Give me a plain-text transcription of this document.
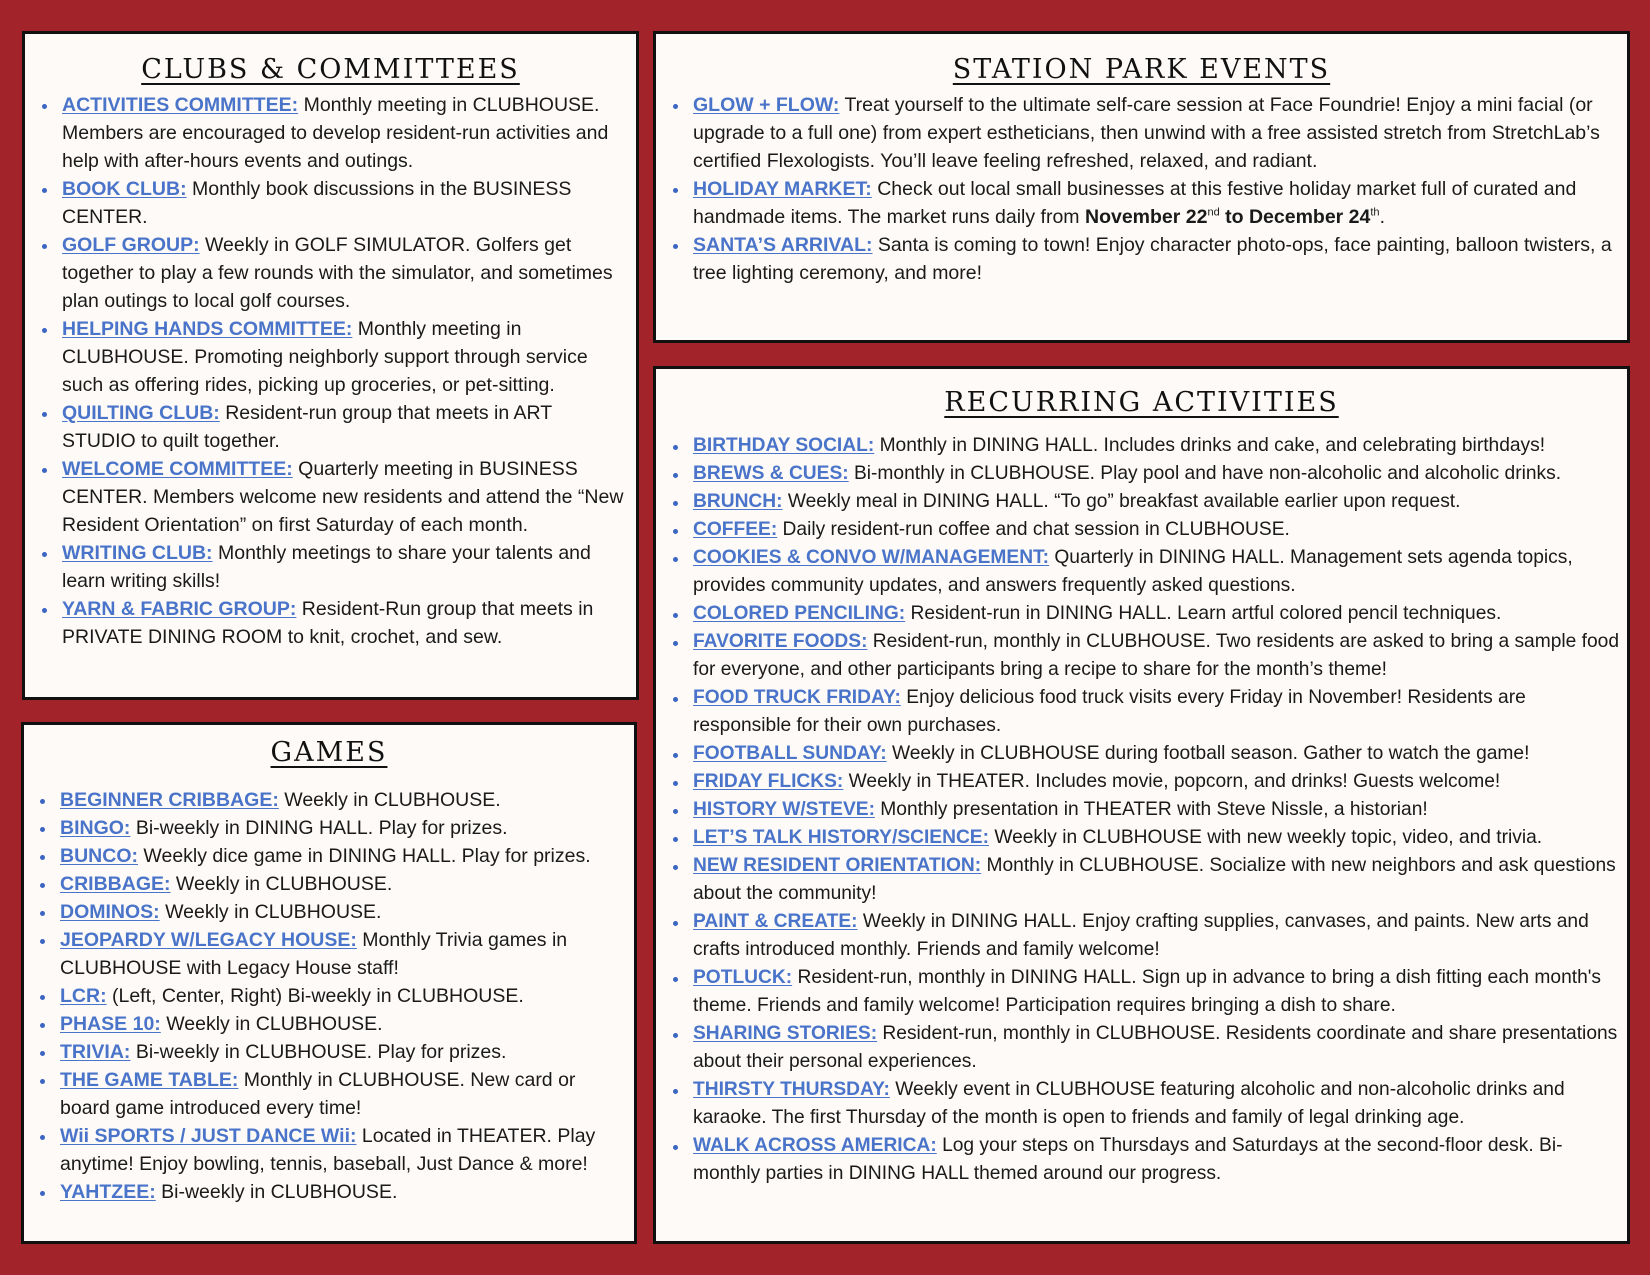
CLUBS & COMMITTEES
ACTIVITIES COMMITTEE: Monthly meeting in CLUBHOUSE. Members are encouraged to develop resident-run activities and help with after-hours events and outings.
BOOK CLUB: Monthly book discussions in the BUSINESS CENTER.
GOLF GROUP: Weekly in GOLF SIMULATOR. Golfers get together to play a few rounds with the simulator, and sometimes plan outings to local golf courses.
HELPING HANDS COMMITTEE: Monthly meeting in CLUBHOUSE. Promoting neighborly support through service such as offering rides, picking up groceries, or pet-sitting.
QUILTING CLUB: Resident-run group that meets in ART STUDIO to quilt together.
WELCOME COMMITTEE: Quarterly meeting in BUSINESS CENTER. Members welcome new residents and attend the “New Resident Orientation” on first Saturday of each month.
WRITING CLUB: Monthly meetings to share your talents and learn writing skills!
YARN & FABRIC GROUP: Resident-Run group that meets in PRIVATE DINING ROOM to knit, crochet, and sew.
GAMES
BEGINNER CRIBBAGE: Weekly in CLUBHOUSE.
BINGO: Bi-weekly in DINING HALL. Play for prizes.
BUNCO: Weekly dice game in DINING HALL. Play for prizes.
CRIBBAGE: Weekly in CLUBHOUSE.
DOMINOS: Weekly in CLUBHOUSE.
JEOPARDY W/LEGACY HOUSE: Monthly Trivia games in CLUBHOUSE with Legacy House staff!
LCR: (Left, Center, Right) Bi-weekly in CLUBHOUSE.
PHASE 10: Weekly in CLUBHOUSE.
TRIVIA: Bi-weekly in CLUBHOUSE. Play for prizes.
THE GAME TABLE: Monthly in CLUBHOUSE. New card or board game introduced every time!
Wii SPORTS / JUST DANCE Wii: Located in THEATER. Play anytime! Enjoy bowling, tennis, baseball, Just Dance & more!
YAHTZEE: Bi-weekly in CLUBHOUSE.
STATION PARK EVENTS
GLOW + FLOW: Treat yourself to the ultimate self-care session at Face Foundrie! Enjoy a mini facial (or upgrade to a full one) from expert estheticians, then unwind with a free assisted stretch from StretchLab’s certified Flexologists. You’ll leave feeling refreshed, relaxed, and radiant.
HOLIDAY MARKET: Check out local small businesses at this festive holiday market full of curated and handmade items. The market runs daily from November 22nd to December 24th.
SANTA’S ARRIVAL: Santa is coming to town! Enjoy character photo-ops, face painting, balloon twisters, a tree lighting ceremony, and more!
RECURRING ACTIVITIES
BIRTHDAY SOCIAL: Monthly in DINING HALL. Includes drinks and cake, and celebrating birthdays!
BREWS & CUES: Bi-monthly in CLUBHOUSE. Play pool and have non-alcoholic and alcoholic drinks.
BRUNCH: Weekly meal in DINING HALL. “To go” breakfast available earlier upon request.
COFFEE: Daily resident-run coffee and chat session in CLUBHOUSE.
COOKIES & CONVO W/MANAGEMENT: Quarterly in DINING HALL. Management sets agenda topics, provides community updates, and answers frequently asked questions.
COLORED PENCILING: Resident-run in DINING HALL. Learn artful colored pencil techniques.
FAVORITE FOODS: Resident-run, monthly in CLUBHOUSE. Two residents are asked to bring a sample food for everyone, and other participants bring a recipe to share for the month’s theme!
FOOD TRUCK FRIDAY: Enjoy delicious food truck visits every Friday in November! Residents are responsible for their own purchases.
FOOTBALL SUNDAY: Weekly in CLUBHOUSE during football season. Gather to watch the game!
FRIDAY FLICKS: Weekly in THEATER. Includes movie, popcorn, and drinks! Guests welcome!
HISTORY W/STEVE: Monthly presentation in THEATER with Steve Nissle, a historian!
LET’S TALK HISTORY/SCIENCE: Weekly in CLUBHOUSE with new weekly topic, video, and trivia.
NEW RESIDENT ORIENTATION: Monthly in CLUBHOUSE. Socialize with new neighbors and ask questions about the community!
PAINT & CREATE: Weekly in DINING HALL. Enjoy crafting supplies, canvases, and paints. New arts and crafts introduced monthly. Friends and family welcome!
POTLUCK: Resident-run, monthly in DINING HALL. Sign up in advance to bring a dish fitting each month's theme. Friends and family welcome! Participation requires bringing a dish to share.
SHARING STORIES: Resident-run, monthly in CLUBHOUSE. Residents coordinate and share presentations about their personal experiences.
THIRSTY THURSDAY: Weekly event in CLUBHOUSE featuring alcoholic and non-alcoholic drinks and karaoke. The first Thursday of the month is open to friends and family of legal drinking age.
WALK ACROSS AMERICA: Log your steps on Thursdays and Saturdays at the second-floor desk. Bi-monthly parties in DINING HALL themed around our progress.
